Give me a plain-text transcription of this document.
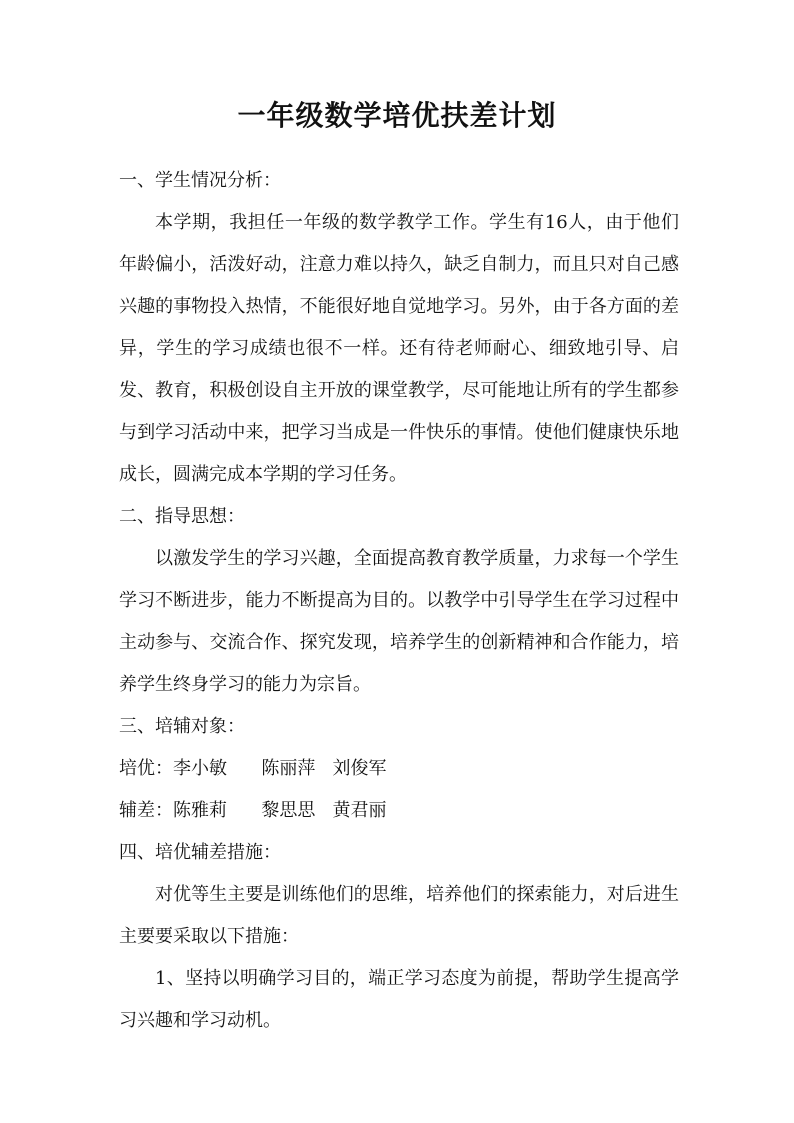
一年级数学培优扶差计划

一、学生情况分析：

本学期，我担任一年级的数学教学工作。学生有16人，由于他们年龄偏小，活泼好动，注意力难以持久，缺乏自制力，而且只对自己感兴趣的事物投入热情，不能很好地自觉地学习。另外，由于各方面的差异，学生的学习成绩也很不一样。还有待老师耐心、细致地引导、启发、教育，积极创设自主开放的课堂教学，尽可能地让所有的学生都参与到学习活动中来，把学习当成是一件快乐的事情。使他们健康快乐地成长，圆满完成本学期的学习任务。

二、指导思想：

以激发学生的学习兴趣，全面提高教育教学质量，力求每一个学生学习不断进步，能力不断提高为目的。以教学中引导学生在学习过程中主动参与、交流合作、探究发现，培养学生的创新精神和合作能力，培养学生终身学习的能力为宗旨。

三、培辅对象：

培优：李小敏      陈丽萍   刘俊军

辅差：陈雅莉      黎思思   黄君丽

四、培优辅差措施：

对优等生主要是训练他们的思维，培养他们的探索能力，对后进生主要要采取以下措施：

1、坚持以明确学习目的，端正学习态度为前提，帮助学生提高学习兴趣和学习动机。
